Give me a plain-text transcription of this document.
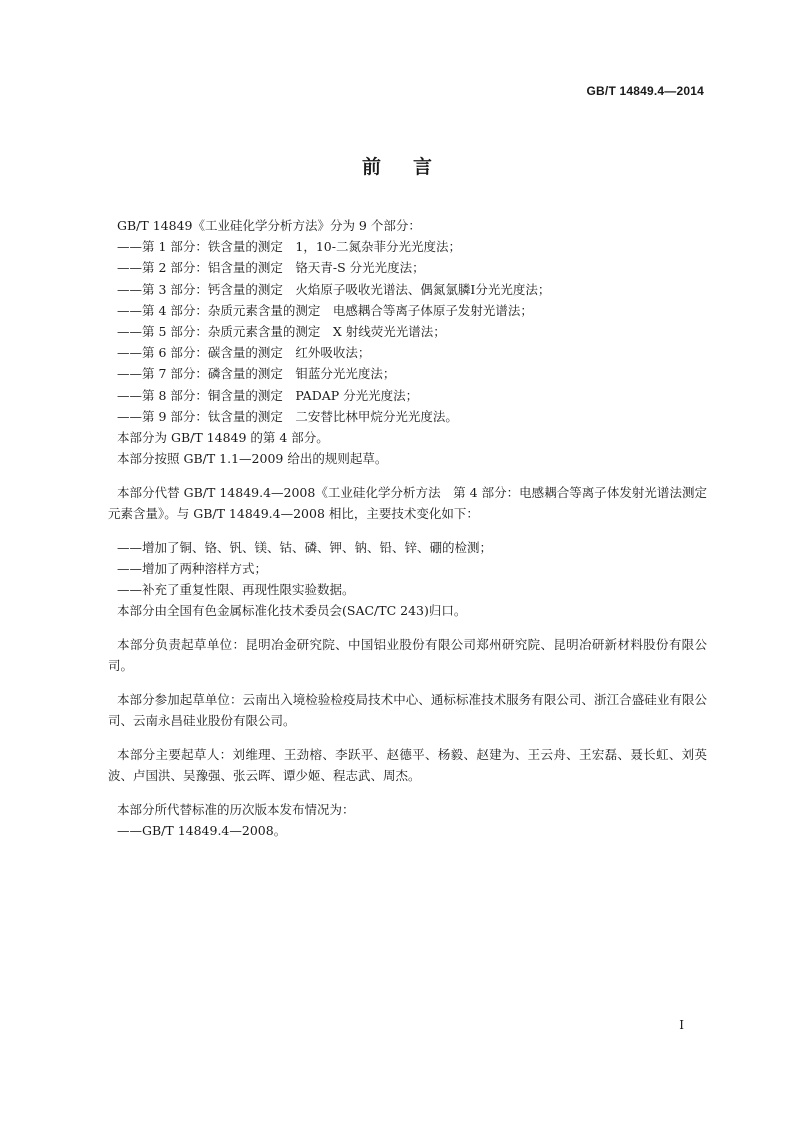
GB/T 14849.4—2014
前言

GB/T 14849《工业硅化学分析方法》分为 9 个部分：

——第 1 部分：铁含量的测定　1，10-二氮杂菲分光光度法；

——第 2 部分：铝含量的测定　铬天青-S 分光光度法；

——第 3 部分：钙含量的测定　火焰原子吸收光谱法、偶氮氯膦Ⅰ分光光度法；

——第 4 部分：杂质元素含量的测定　电感耦合等离子体原子发射光谱法；

——第 5 部分：杂质元素含量的测定　X 射线荧光光谱法；

——第 6 部分：碳含量的测定　红外吸收法；

——第 7 部分：磷含量的测定　钼蓝分光光度法；

——第 8 部分：铜含量的测定　PADAP 分光光度法；

——第 9 部分：钛含量的测定　二安替比林甲烷分光光度法。

本部分为 GB/T 14849 的第 4 部分。

本部分按照 GB/T 1.1—2009 给出的规则起草。

本部分代替 GB/T 14849.4—2008《工业硅化学分析方法　第 4 部分：电感耦合等离子体发射光谱法测定元素含量》。与 GB/T 14849.4—2008 相比，主要技术变化如下：

——增加了铜、铬、钒、镁、钴、磷、钾、钠、铅、锌、硼的检测；

——增加了两种溶样方式；

——补充了重复性限、再现性限实验数据。

本部分由全国有色金属标准化技术委员会(SAC/TC 243)归口。

本部分负责起草单位：昆明冶金研究院、中国铝业股份有限公司郑州研究院、昆明冶研新材料股份有限公司。

本部分参加起草单位：云南出入境检验检疫局技术中心、通标标准技术服务有限公司、浙江合盛硅业有限公司、云南永昌硅业股份有限公司。

本部分主要起草人：刘维理、王劲榕、李跃平、赵德平、杨毅、赵建为、王云舟、王宏磊、聂长虹、刘英波、卢国洪、吴豫强、张云晖、谭少姬、程志武、周杰。

本部分所代替标准的历次版本发布情况为：

——GB/T 14849.4—2008。

I
